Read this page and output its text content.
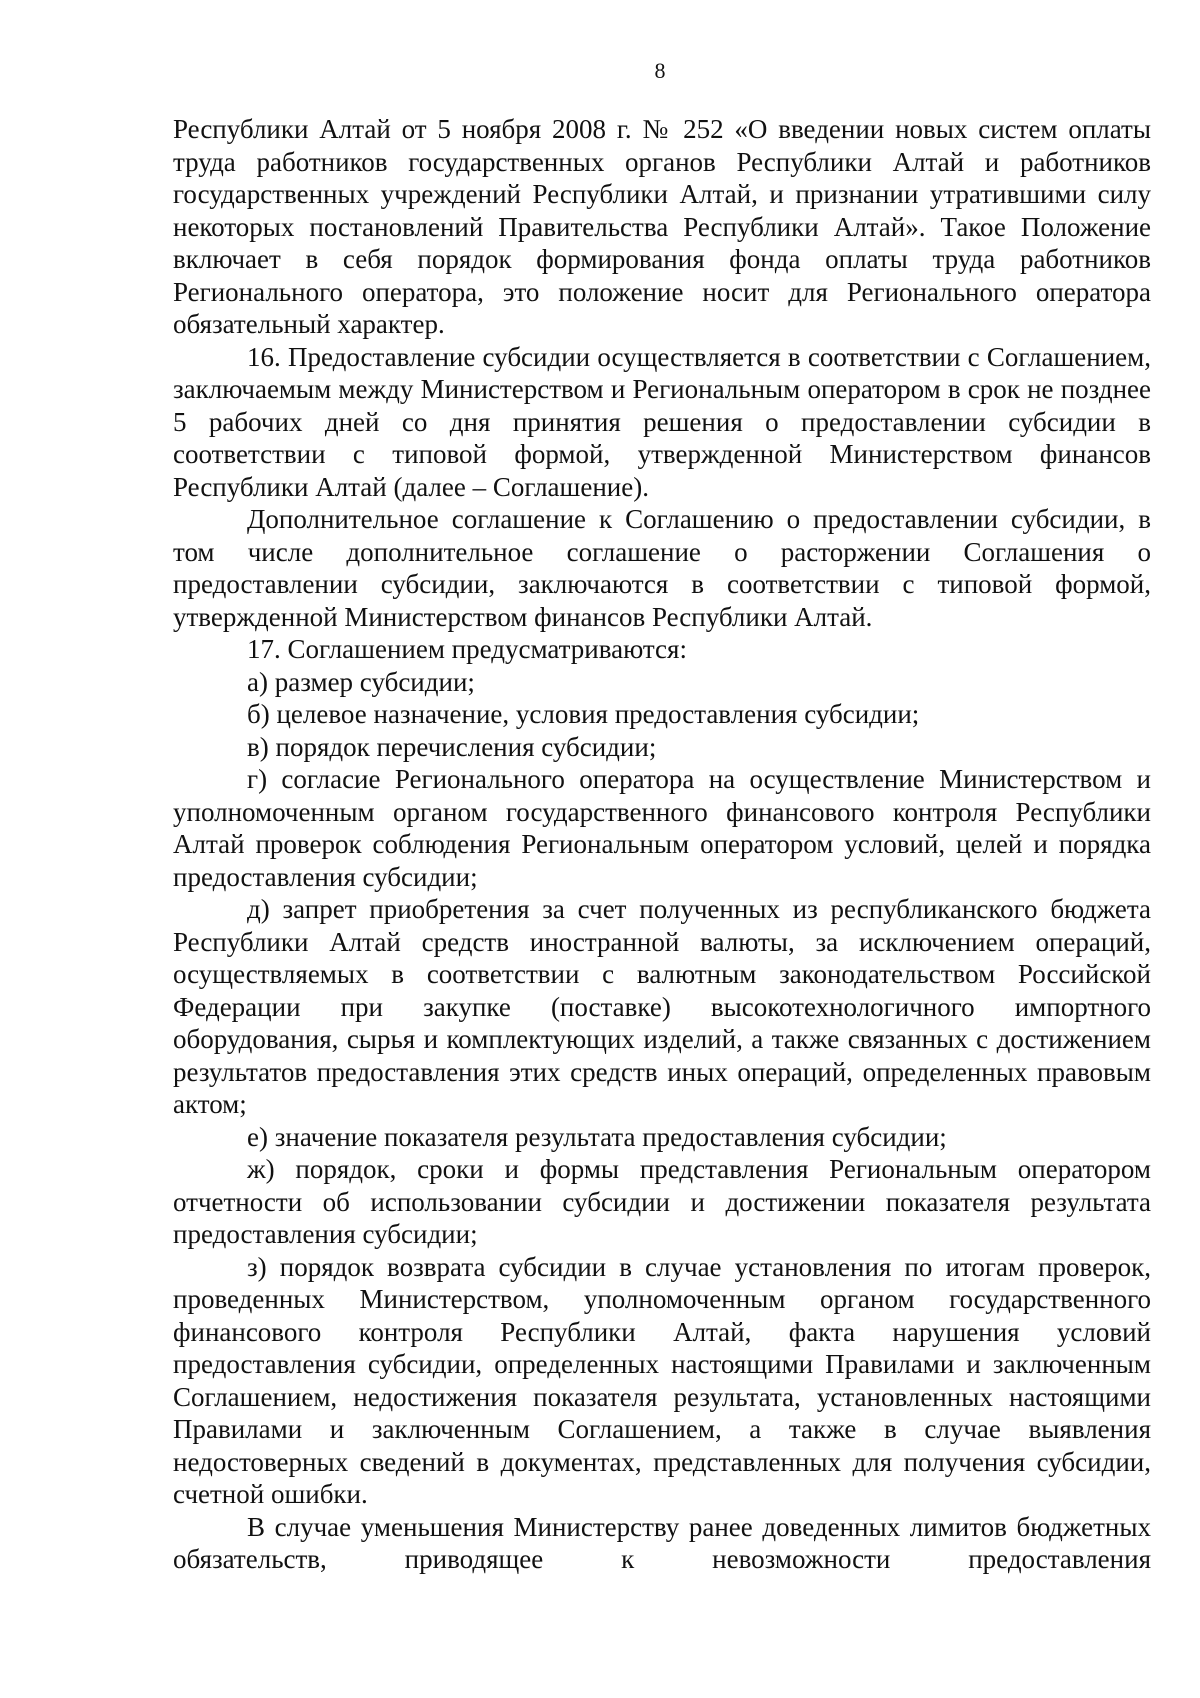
8

Республики Алтай от 5 ноября 2008 г. № 252 «О введении новых систем оплаты труда работников государственных органов Республики Алтай и работников государственных учреждений Республики Алтай, и признании утратившими силу некоторых постановлений Правительства Республики Алтай». Такое Положение включает в себя порядок формирования фонда оплаты труда работников Регионального оператора, это положение носит для Регионального оператора обязательный характер.

16. Предоставление субсидии осуществляется в соответствии с Соглашением, заключаемым между Министерством и Региональным оператором в срок не позднее 5 рабочих дней со дня принятия решения о предоставлении субсидии в соответствии с типовой формой, утвержденной Министерством финансов Республики Алтай (далее – Соглашение).

Дополнительное соглашение к Соглашению о предоставлении субсидии, в том числе дополнительное соглашение о расторжении Соглашения о предоставлении субсидии, заключаются в соответствии с типовой формой, утвержденной Министерством финансов Республики Алтай.

17. Соглашением предусматриваются:

а) размер субсидии;

б) целевое назначение, условия предоставления субсидии;

в) порядок перечисления субсидии;

г) согласие Регионального оператора на осуществление Министерством и уполномоченным органом государственного финансового контроля Республики Алтай проверок соблюдения Региональным оператором условий, целей и порядка предоставления субсидии;

д) запрет приобретения за счет полученных из республиканского бюджета Республики Алтай средств иностранной валюты, за исключением операций, осуществляемых в соответствии с валютным законодательством Российской Федерации при закупке (поставке) высокотехнологичного импортного оборудования, сырья и комплектующих изделий, а также связанных с достижением результатов предоставления этих средств иных операций, определенных правовым актом;

е) значение показателя результата предоставления субсидии;

ж) порядок, сроки и формы представления Региональным оператором отчетности об использовании субсидии и достижении показателя результата предоставления субсидии;

з) порядок возврата субсидии в случае установления по итогам проверок, проведенных Министерством, уполномоченным органом государственного финансового контроля Республики Алтай, факта нарушения условий предоставления субсидии, определенных настоящими Правилами и заключенным Соглашением, недостижения показателя результата, установленных настоящими Правилами и заключенным Соглашением, а также в случае выявления недостоверных сведений в документах, представленных для получения субсидии, счетной ошибки.

В случае уменьшения Министерству ранее доведенных лимитов бюджетных обязательств, приводящее к невозможности предоставления
